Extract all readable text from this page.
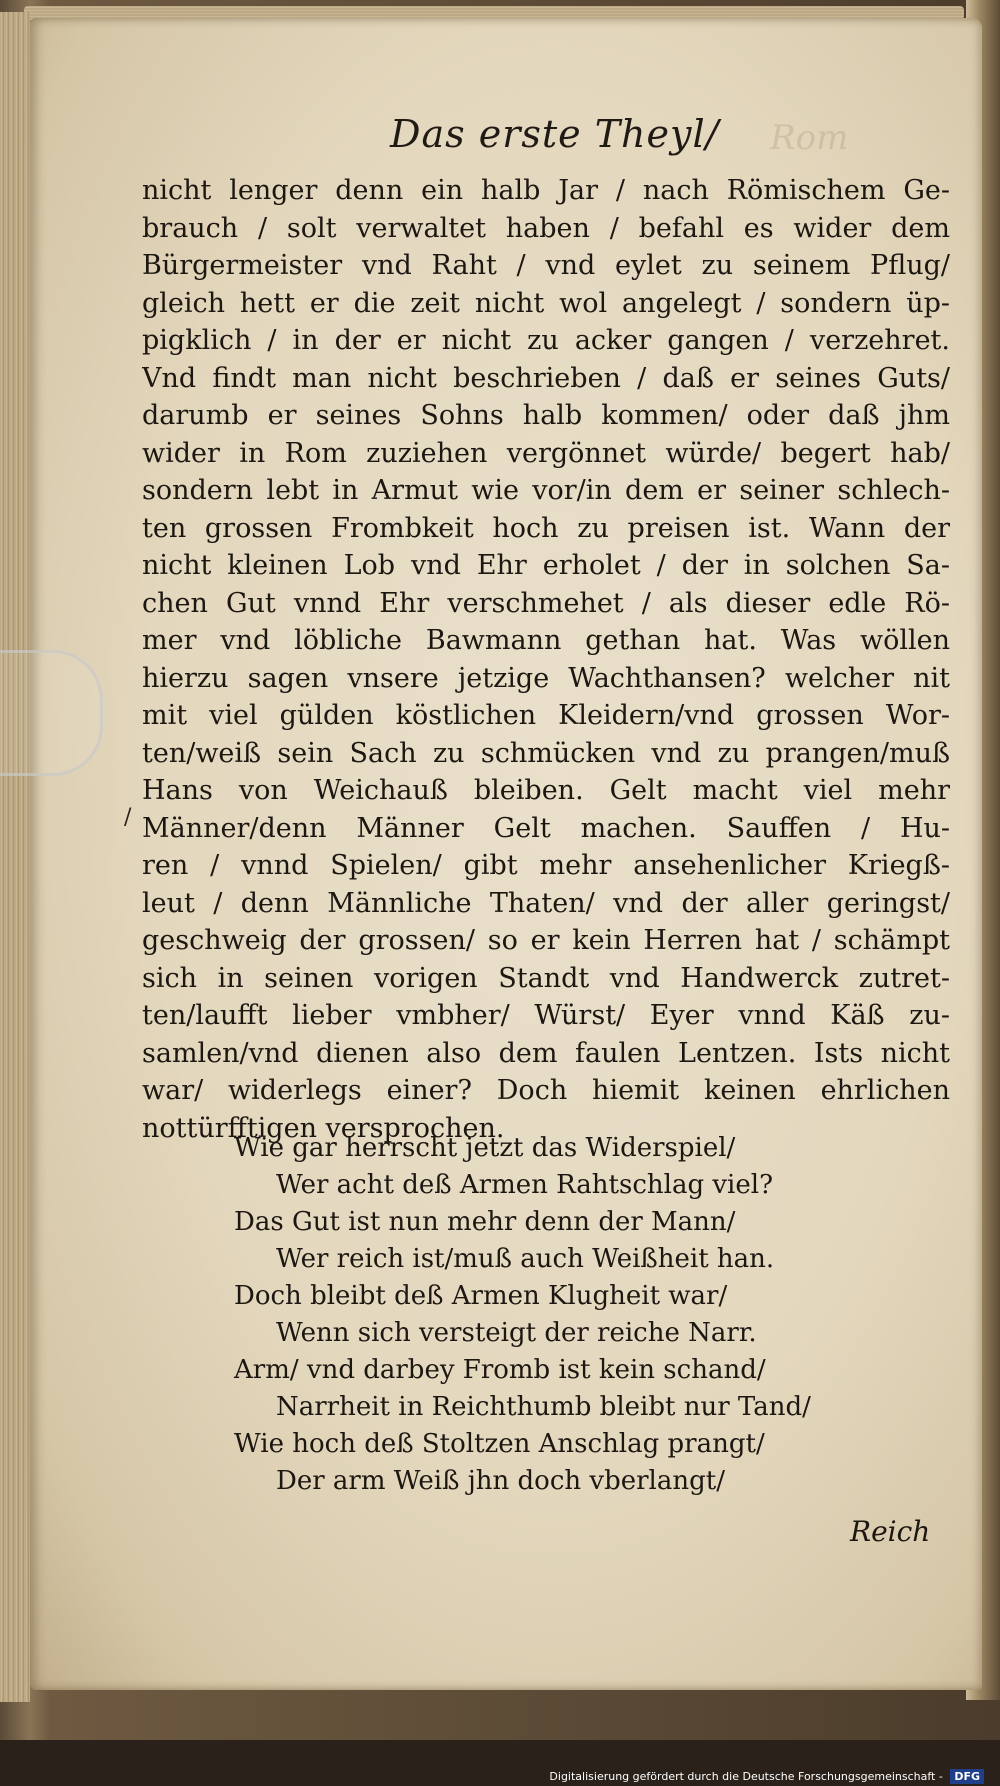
Rom
Das erste Theyl/
nicht lenger denn ein halb Jar / nach Römischem Ge-
brauch / solt verwaltet haben / befahl es wider dem
Bürgermeister vnd Raht / vnd eylet zu seinem Pflug/
gleich hett er die zeit nicht wol angelegt / sondern üp-
pigklich / in der er nicht zu acker gangen / verzehret.
Vnd findt man nicht beschrieben / daß er seines Guts/
darumb er seines Sohns halb kommen/ oder daß jhm
wider in Rom zuziehen vergönnet würde/ begert hab/
sondern lebt in Armut wie vor/in dem er seiner schlech-
ten grossen Frombkeit hoch zu preisen ist. Wann der
nicht kleinen Lob vnd Ehr erholet / der in solchen Sa-
chen Gut vnnd Ehr verschmehet / als dieser edle Rö-
mer vnd löbliche Bawmann gethan hat. Was wöllen
hierzu sagen vnsere jetzige Wachthansen? welcher nit
mit viel gülden köstlichen Kleidern/vnd grossen Wor-
ten/weiß sein Sach zu schmücken vnd zu prangen/muß
Hans von Weichauß bleiben. Gelt macht viel mehr
Männer/denn Männer Gelt machen. Sauffen / Hu-
ren / vnnd Spielen/ gibt mehr ansehenlicher Kriegß-
leut / denn Männliche Thaten/ vnd der aller geringst/
geschweig der grossen/ so er kein Herren hat / schämpt
sich in seinen vorigen Standt vnd Handwerck zutret-
ten/laufft lieber vmbher/ Würst/ Eyer vnnd Käß zu-
samlen/vnd dienen also dem faulen Lentzen. Ists nicht
war/ widerlegs einer? Doch hiemit keinen ehrlichen
nottürfftigen versprochen.
/
Wie gar herrscht jetzt das Widerspiel/
Wer acht deß Armen Rahtschlag viel?
Das Gut ist nun mehr denn der Mann/
Wer reich ist/muß auch Weißheit han.
Doch bleibt deß Armen Klugheit war/
Wenn sich versteigt der reiche Narr.
Arm/ vnd darbey Fromb ist kein schand/
Narrheit in Reichthumb bleibt nur Tand/
Wie hoch deß Stoltzen Anschlag prangt/
Der arm Weiß jhn doch vberlangt/
Reich
Digitalisierung gefördert durch die Deutsche Forschungsgemeinschaft - DFG
